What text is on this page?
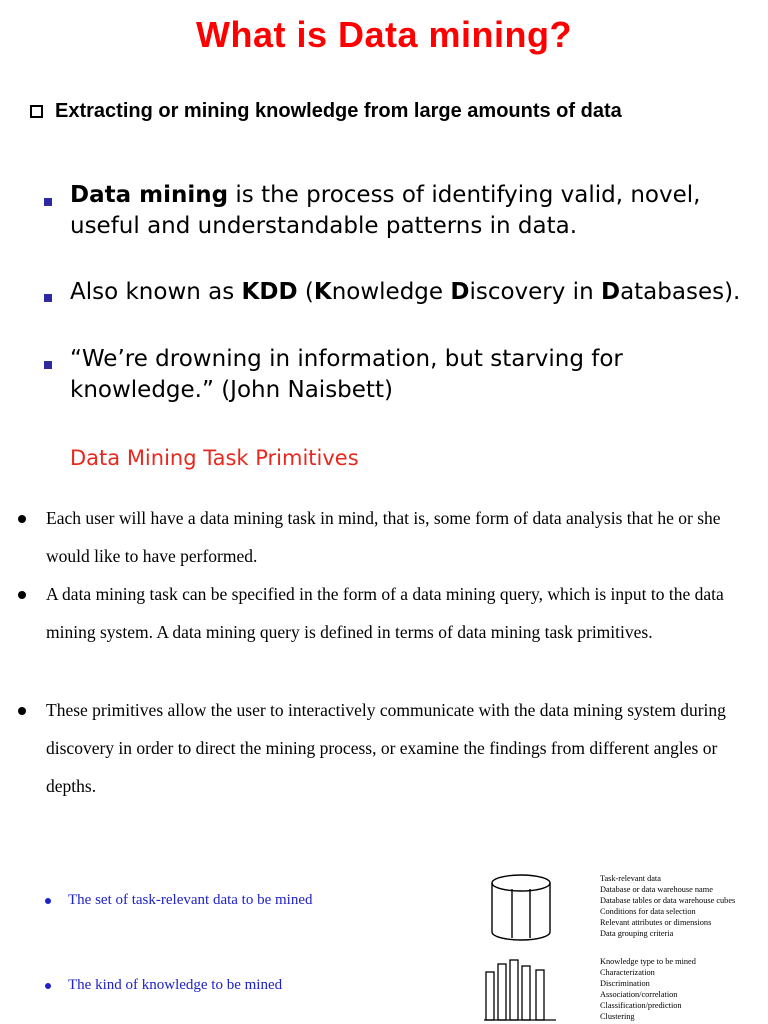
What is Data mining?
Extracting or mining knowledge from large amounts of data
Data mining is the process of identifying valid, novel, useful and understandable patterns in data.
Also known as KDD (Knowledge Discovery in Databases).
“We’re drowning in information, but starving for knowledge.” (John Naisbett)
Data Mining Task Primitives
Each user will have a data mining task in mind, that is, some form of data analysis that he or she would like to have performed.
A data mining task can be specified in the form of a data mining query, which is input to the data mining system. A data mining query is defined in terms of data mining task primitives.
These primitives allow the user to interactively communicate with the data mining system during discovery in order to direct the mining process, or examine the findings from different angles or depths.
The set of task-relevant data to be mined
The kind of knowledge to be mined
Task-relevant data
Database or data warehouse name
Database tables or data warehouse cubes
Conditions for data selection
Relevant attributes or dimensions
Data grouping criteria
Knowledge type to be mined
Characterization
Discrimination
Association/correlation
Classification/prediction
Clustering
